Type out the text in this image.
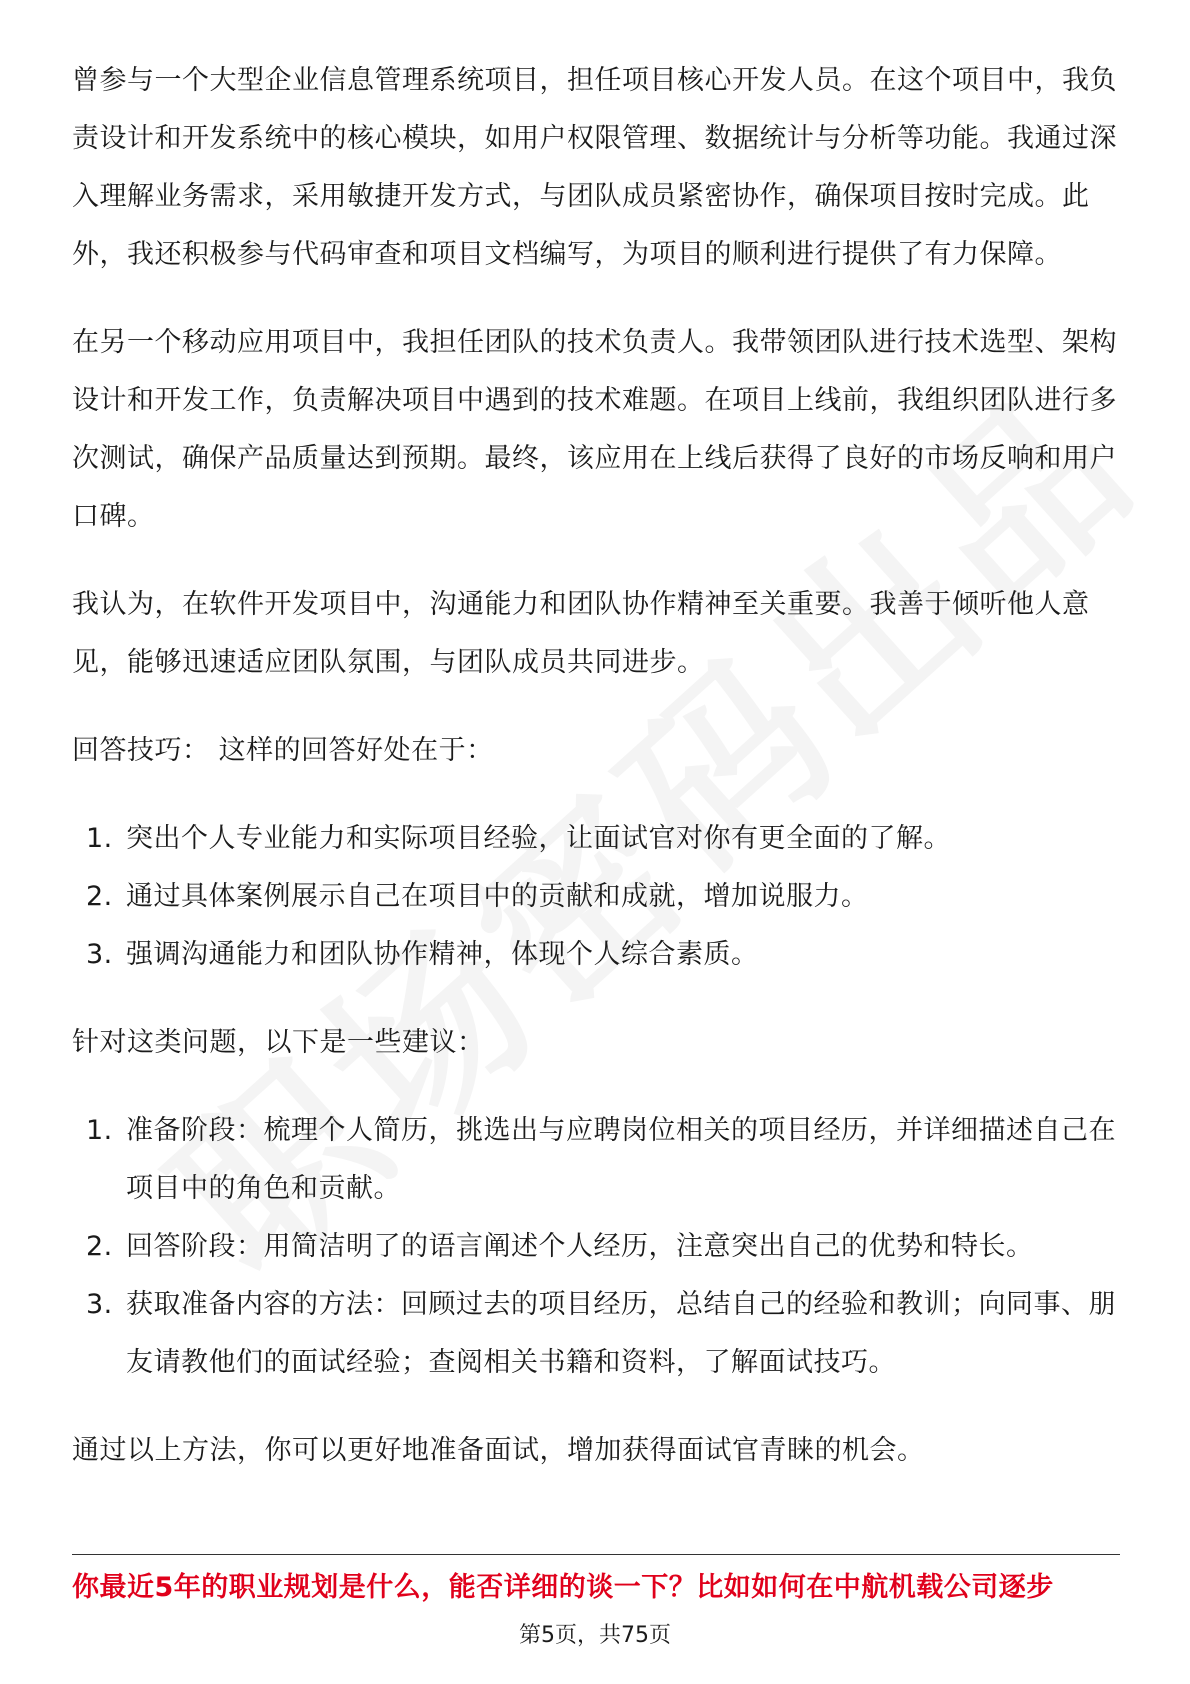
曾参与一个大型企业信息管理系统项目，担任项目核心开发人员。在这个项目中，我负责设计和开发系统中的核心模块，如用户权限管理、数据统计与分析等功能。我通过深入理解业务需求，采用敏捷开发方式，与团队成员紧密协作，确保项目按时完成。此外，我还积极参与代码审查和项目文档编写，为项目的顺利进行提供了有力保障。

在另一个移动应用项目中，我担任团队的技术负责人。我带领团队进行技术选型、架构设计和开发工作，负责解决项目中遇到的技术难题。在项目上线前，我组织团队进行多次测试，确保产品质量达到预期。最终，该应用在上线后获得了良好的市场反响和用户口碑。

我认为，在软件开发项目中，沟通能力和团队协作精神至关重要。我善于倾听他人意见，能够迅速适应团队氛围，与团队成员共同进步。

回答技巧： 这样的回答好处在于：

1. 突出个人专业能力和实际项目经验，让面试官对你有更全面的了解。
2. 通过具体案例展示自己在项目中的贡献和成就，增加说服力。
3. 强调沟通能力和团队协作精神，体现个人综合素质。

针对这类问题，以下是一些建议：

1. 准备阶段：梳理个人简历，挑选出与应聘岗位相关的项目经历，并详细描述自己在项目中的角色和贡献。
2. 回答阶段：用简洁明了的语言阐述个人经历，注意突出自己的优势和特长。
3. 获取准备内容的方法：回顾过去的项目经历，总结自己的经验和教训；向同事、朋友请教他们的面试经验；查阅相关书籍和资料，了解面试技巧。

通过以上方法，你可以更好地准备面试，增加获得面试官青睐的机会。

你最近5年的职业规划是什么，能否详细的谈一下？比如如何在中航机载公司逐步
第5页，共75页
